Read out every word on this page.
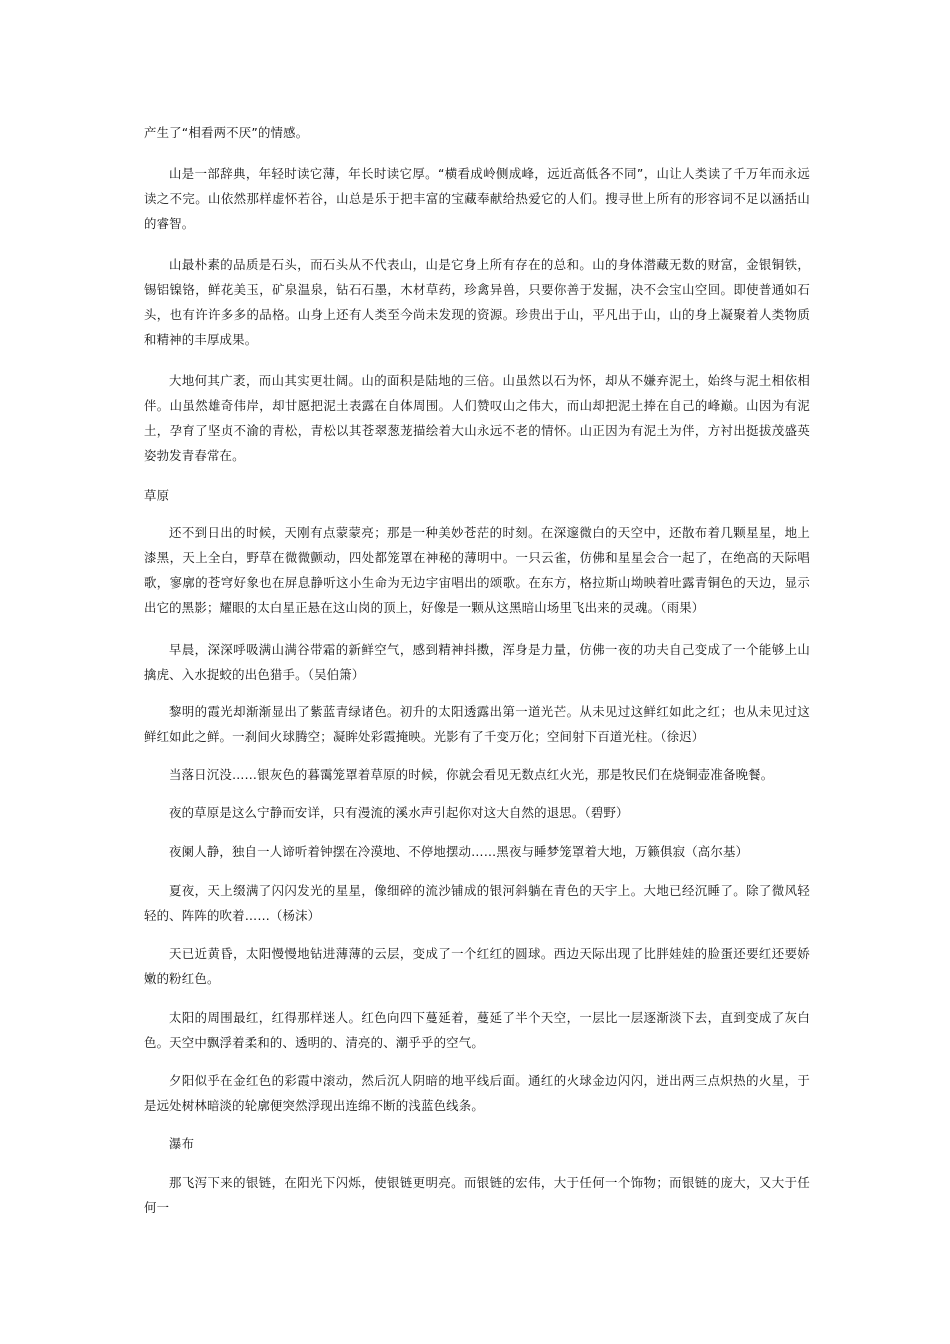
产生了“相看两不厌”的情感。

山是一部辞典，年轻时读它薄，年长时读它厚。“横看成岭侧成峰，远近高低各不同”，山让人类读了千万年而永远读之不完。山依然那样虚怀若谷，山总是乐于把丰富的宝藏奉献给热爱它的人们。搜寻世上所有的形容词不足以涵括山的睿智。

山最朴素的品质是石头，而石头从不代表山，山是它身上所有存在的总和。山的身体潜藏无数的财富，金银铜铁，锡铝镍铬，鲜花美玉，矿泉温泉，钻石石墨，木材草药，珍禽异兽，只要你善于发掘，决不会宝山空回。即使普通如石头，也有许许多多的品格。山身上还有人类至今尚未发现的资源。珍贵出于山，平凡出于山，山的身上凝聚着人类物质和精神的丰厚成果。

大地何其广袤，而山其实更壮阔。山的面积是陆地的三倍。山虽然以石为怀，却从不嫌弃泥土，始终与泥土相依相伴。山虽然雄奇伟岸，却甘愿把泥土表露在自体周围。人们赞叹山之伟大，而山却把泥土捧在自己的峰巅。山因为有泥土，孕育了坚贞不渝的青松，青松以其苍翠葱茏描绘着大山永远不老的情怀。山正因为有泥土为伴，方衬出挺拔茂盛英姿勃发青春常在。

草原

还不到日出的时候，天刚有点蒙蒙亮；那是一种美妙苍茫的时刻。在深邃微白的天空中，还散布着几颗星星，地上漆黑，天上全白，野草在微微颤动，四处都笼罩在神秘的薄明中。一只云雀，仿佛和星星会合一起了，在绝高的天际唱歌，寥廓的苍穹好象也在屏息静听这小生命为无边宇宙唱出的颂歌。在东方，格拉斯山坳映着吐露青铜色的天边，显示出它的黑影；耀眼的太白星正悬在这山岗的顶上，好像是一颗从这黑暗山场里飞出来的灵魂。（雨果）

早晨，深深呼吸满山满谷带霜的新鲜空气，感到精神抖擞，浑身是力量，仿佛一夜的功夫自己变成了一个能够上山擒虎、入水捉蛟的出色猎手。（吴伯箫）

黎明的霞光却渐渐显出了紫蓝青绿诸色。初升的太阳透露出第一道光芒。从未见过这鲜红如此之红；也从未见过这鲜红如此之鲜。一刹间火球腾空；凝眸处彩霞掩映。光影有了千变万化；空间射下百道光柱。（徐迟）

当落日沉没……银灰色的暮霭笼罩着草原的时候，你就会看见无数点红火光，那是牧民们在烧铜壶准备晚餐。

夜的草原是这么宁静而安详，只有漫流的溪水声引起你对这大自然的退思。（碧野）

夜阑人静，独自一人谛听着钟摆在冷漠地、不停地摆动……黑夜与睡梦笼罩着大地，万籁俱寂（高尔基）

夏夜，天上缀满了闪闪发光的星星，像细碎的流沙铺成的银河斜躺在青色的天宇上。大地已经沉睡了。除了微风轻轻的、阵阵的吹着……（杨沫）

天已近黄昏，太阳慢慢地钻进薄薄的云层，变成了一个红红的圆球。西边天际出现了比胖娃娃的脸蛋还要红还要娇嫩的粉红色。

太阳的周围最红，红得那样迷人。红色向四下蔓延着，蔓延了半个天空，一层比一层逐渐淡下去，直到变成了灰白色。天空中飘浮着柔和的、透明的、清亮的、潮乎乎的空气。

夕阳似乎在金红色的彩霞中滚动，然后沉人阴暗的地平线后面。通红的火球金边闪闪，迸出两三点炽热的火星，于是远处树林暗淡的轮廓便突然浮现出连绵不断的浅蓝色线条。

瀑布

那飞泻下来的银链，在阳光下闪烁，使银链更明亮。而银链的宏伟，大于任何一个饰物；而银链的庞大，又大于任何一
